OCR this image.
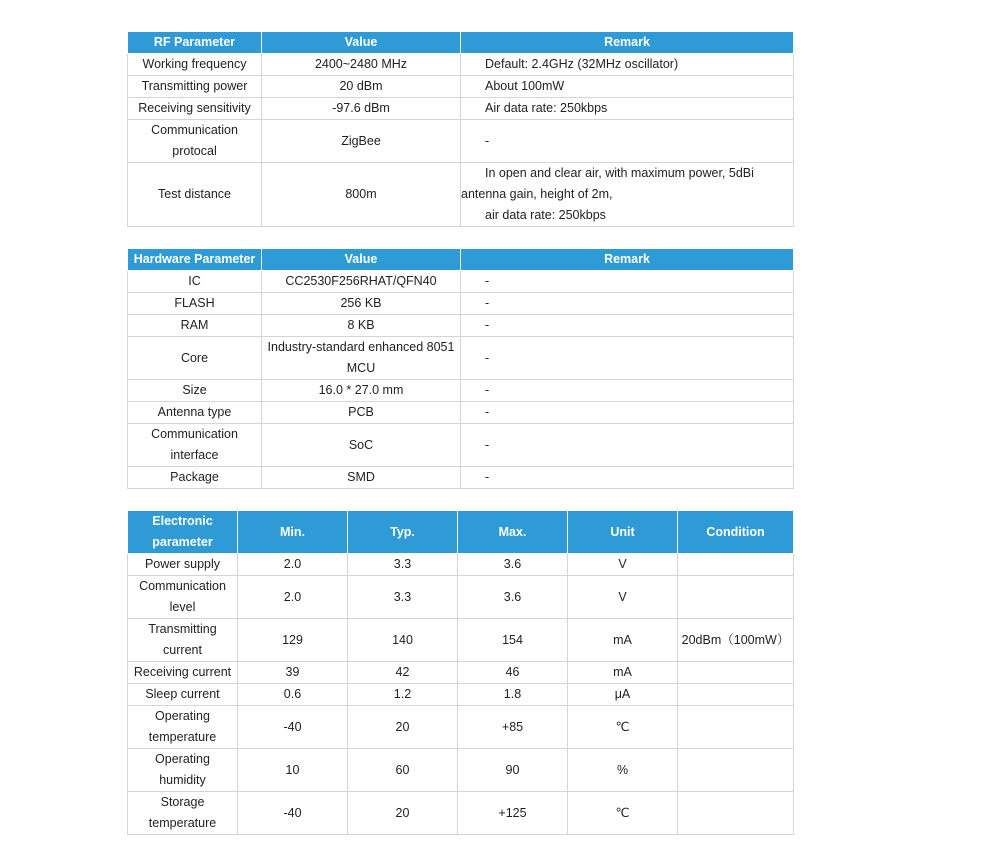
RF Parameter	Value	Remark
Working frequency	2400~2480 MHz	Default: 2.4GHz (32MHz oscillator)
Transmitting power	20 dBm	About 100mW
Receiving sensitivity	-97.6 dBm	Air data rate: 250kbps

Communication
protocal	ZigBee	-
Test distance	800m	In open and clear air, with maximum power, 5dBi
antenna gain, height of 2m,
air data rate: 250kbps
Hardware Parameter	Value	Remark
IC	CC2530F256RHAT/QFN40	-
FLASH	256 KB	-
RAM	8 KB	-
Core	Industry-standard enhanced 8051
MCU	-
Size	16.0 * 27.0 mm	-
Antenna type	PCB	-

Communication
interface	SoC	-
Package	SMD	-
Electronic
parameter	Min.	Typ.	Max.	Unit	Condition
Power supply	2.0	3.3	3.6	V	

Communication
level	2.0	3.3	3.6	V	

Transmitting
current	129	140	154	mA	20dBm（100mW）
Receiving current	39	42	46	mA	
Sleep current	0.6	1.2	1.8	μA	

Operating
temperature	-40	20	+85	℃	

Operating
humidity	10	60	90	%	

Storage
temperature	-40	20	+125	℃	
